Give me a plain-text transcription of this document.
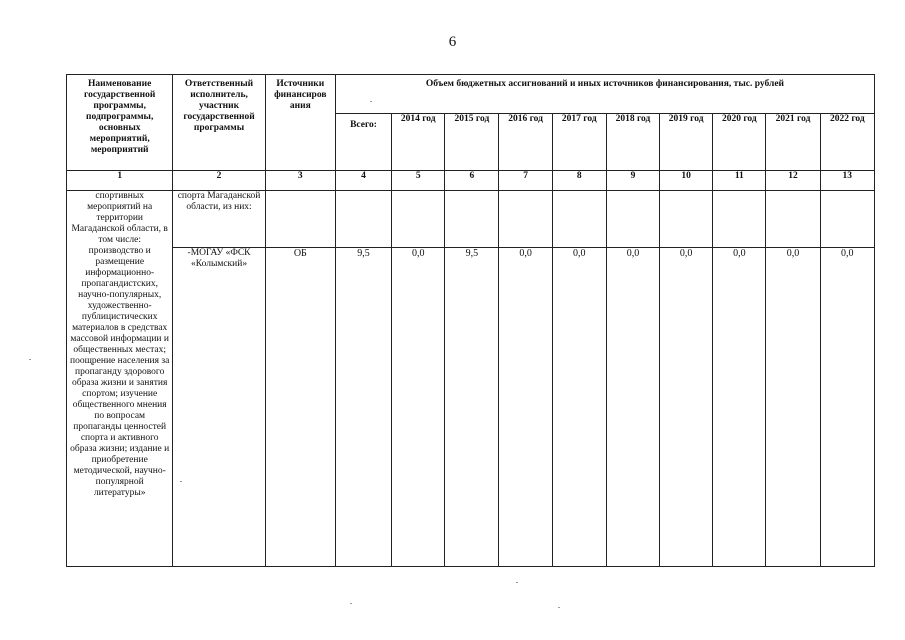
6
Наименование государственной программы, подпрограммы, основных мероприятий, мероприятий	Ответственный исполнитель, участник государственной программы	Источники финансиров ания	Объем бюджетных ассигнований и иных источников финансирования, тыс. рублей									

			Всего:	2014 год	2015 год	2016 год	2017 год	2018 год	2019 год	2020 год	2021 год	2022 год
1	2	3	4	5	6	7	8	9	10	11	12	13

спортивных мероприятий на территории Магаданской области, в том числе: производство и размещение информационно-пропагандистских, научно-популярных, художественно-публицистических материалов в средствах массовой информации и общественных местах; поощрение населения за пропаганду здорового образа жизни и занятия спортом; изучение общественного мнения по вопросам пропаганды ценностей спорта и активного образа жизни; издание и приобретение методической, научно-популярной литературы»	спорта Магаданской области, из них:											

	-МОГАУ «ФСК «Колымский»	ОБ	9,5	0,0	9,5	0,0	0,0	0,0	0,0	0,0	0,0	0,0
